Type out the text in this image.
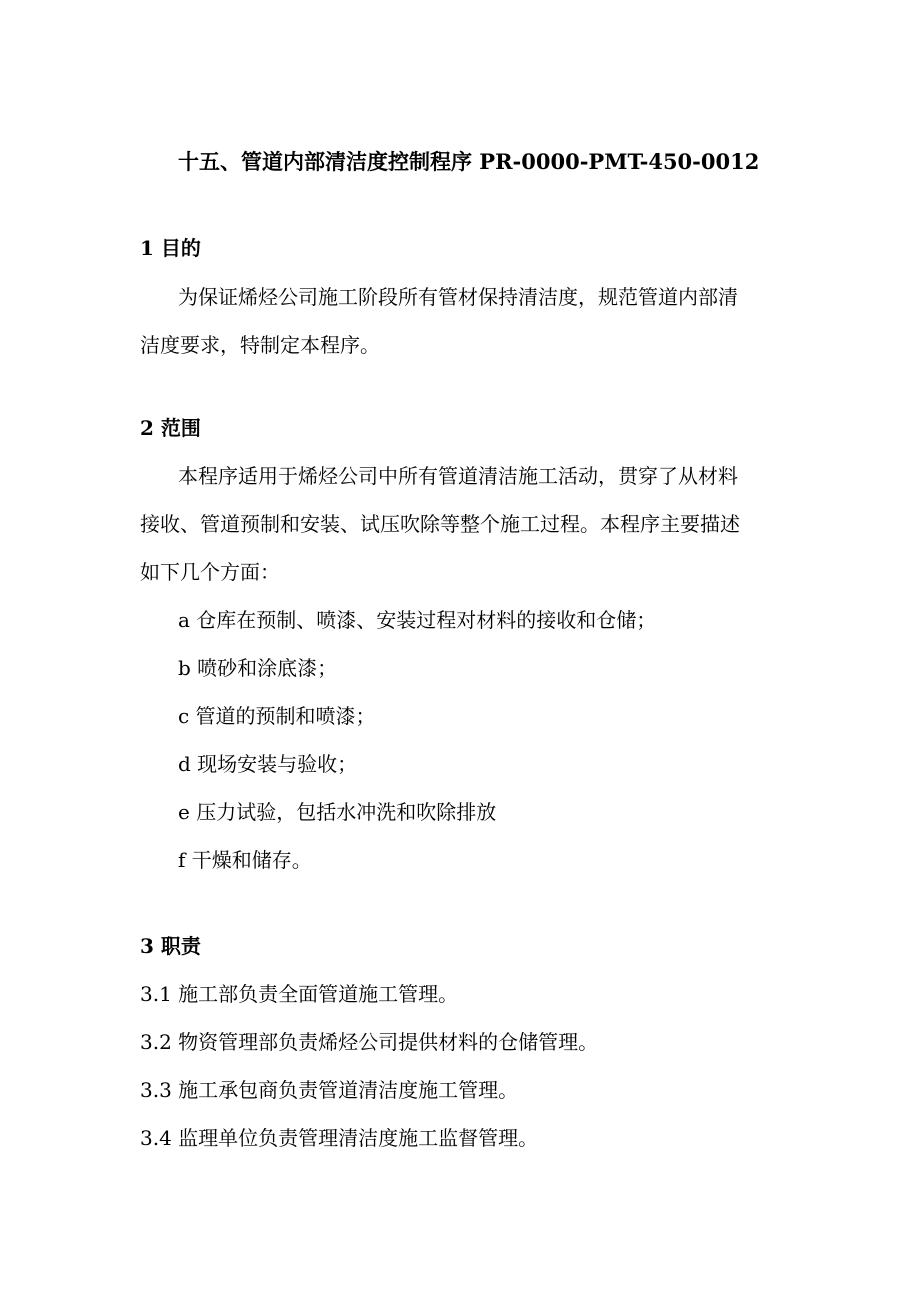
十五、管道内部清洁度控制程序 PR-0000-PMT-450-0012
1 目的
为保证烯烃公司施工阶段所有管材保持清洁度，规范管道内部清
洁度要求，特制定本程序。
2 范围
本程序适用于烯烃公司中所有管道清洁施工活动，贯穿了从材料
接收、管道预制和安装、试压吹除等整个施工过程。本程序主要描述
如下几个方面：
a 仓库在预制、喷漆、安装过程对材料的接收和仓储；
b 喷砂和涂底漆；
c 管道的预制和喷漆；
d 现场安装与验收；
e 压力试验，包括水冲洗和吹除排放
f 干燥和储存。
3 职责
3.1 施工部负责全面管道施工管理。
3.2 物资管理部负责烯烃公司提供材料的仓储管理。
3.3 施工承包商负责管道清洁度施工管理。
3.4 监理单位负责管理清洁度施工监督管理。
